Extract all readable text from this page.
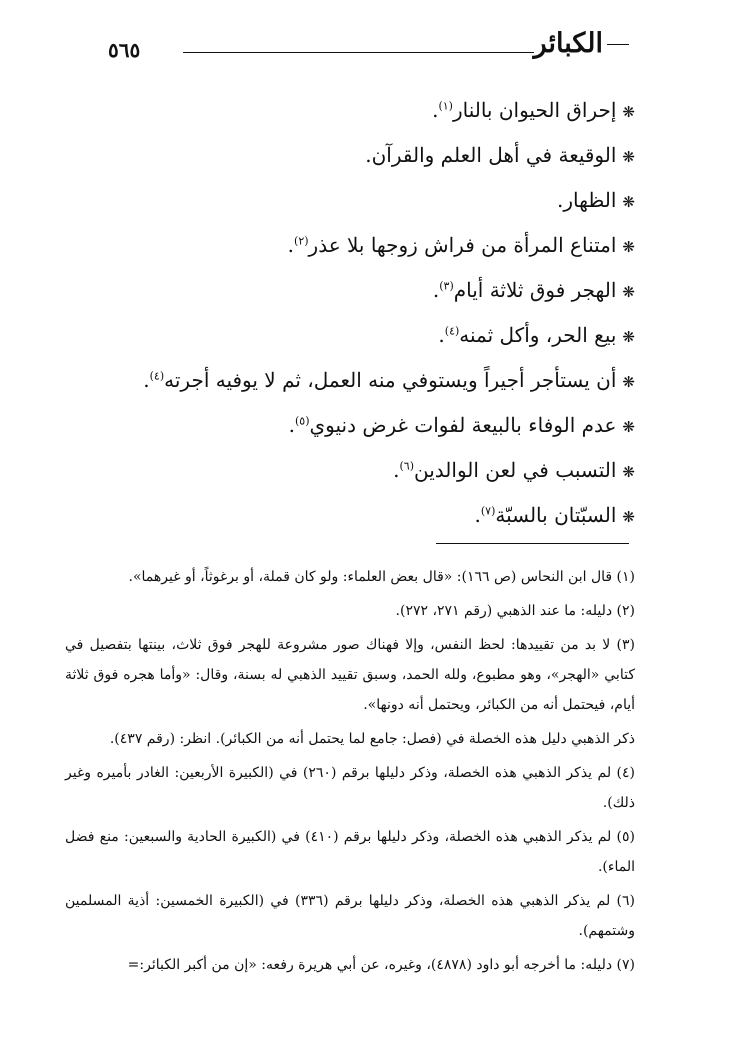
٥٦٥	الكبائر
❋إحراق الحيوان بالنار$^{(١)}$.
❋الوقيعة في أهل العلم والقرآن.
❋الظهار.
❋امتناع المرأة من فراش زوجها بلا عذر$^{(٢)}$.
❋الهجر فوق ثلاثة أيام$^{(٣)}$.
❋بيع الحر، وأكل ثمنه$^{(٤)}$.
❋أن يستأجر أجيراً ويستوفي منه العمل، ثم لا يوفيه أجرته$^{(٤)}$.
❋عدم الوفاء بالبيعة لفوات غرض دنيوي$^{(٥)}$.
❋التسبب في لعن الوالدين$^{(٦)}$.
❋السبّتان بالسبّة$^{(٧)}$.

(١) قال ابن النحاس (ص ١٦٦): «قال بعض العلماء: ولو كان قملة، أو برغوثاً، أو غيرهما».

(٢) دليله: ما عند الذهبي (رقم ٢٧١، ٢٧٢).

(٣) لا بد من تقييدها: لحظ النفس، وإلا فهناك صور مشروعة للهجر فوق ثلاث، بينتها بتفصيل في كتابي «الهجر»، وهو مطبوع، ولله الحمد، وسبق تقييد الذهبي له بسنة، وقال: «وأما هجره فوق ثلاثة أيام، فيحتمل أنه من الكبائر، ويحتمل أنه دونها».

ذكر الذهبي دليل هذه الخصلة في (فصل: جامع لما يحتمل أنه من الكبائر). انظر: (رقم ٤٣٧).

(٤) لم يذكر الذهبي هذه الخصلة، وذكر دليلها برقم (٢٦٠) في (الكبيرة الأربعين: الغادر بأميره وغير ذلك).

(٥) لم يذكر الذهبي هذه الخصلة، وذكر دليلها برقم (٤١٠) في (الكبيرة الحادية والسبعين: منع فضل الماء).

(٦) لم يذكر الذهبي هذه الخصلة، وذكر دليلها برقم (٣٣٦) في (الكبيرة الخمسين: أذية المسلمين وشتمهم).

(٧) دليله: ما أخرجه أبو داود (٤٨٧٨)، وغيره، عن أبي هريرة رفعه: «إن من أكبر الكبائر:=
